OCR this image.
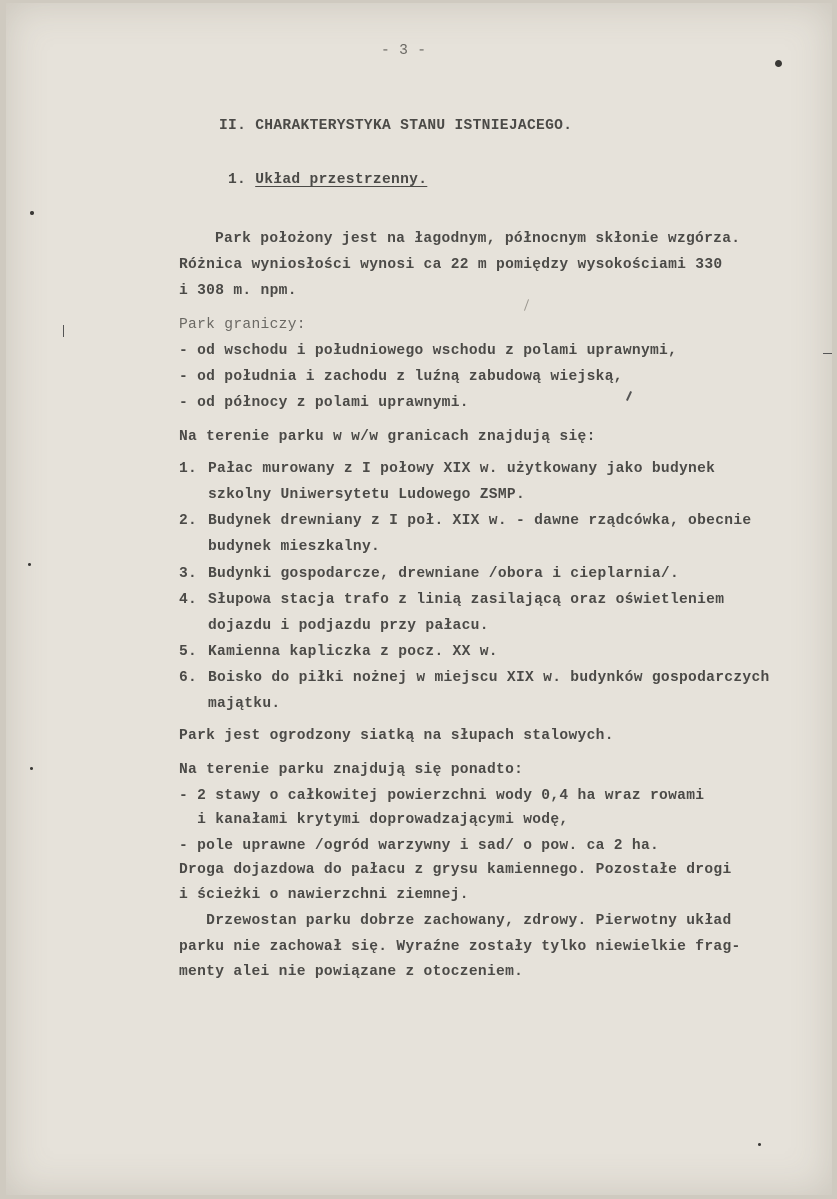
- 3 -
II. CHARAKTERYSTYKA STANU ISTNIEJACEGO.
1. Układ przestrzenny.
Park położony jest na łagodnym, północnym skłonie wzgórza.
Różnica wyniosłości wynosi ca 22 m pomiędzy wysokościami 330
i 308 m. npm.
Park graniczy:
- od wschodu i południowego wschodu z polami uprawnymi,
- od południa i zachodu z luźną zabudową wiejską,
- od północy z polami uprawnymi.
Na terenie parku w w/w granicach znajdują się:
1. Pałac murowany z I połowy XIX w. użytkowany jako budynek
szkolny Uniwersytetu Ludowego ZSMP.
2. Budynek drewniany z I poł. XIX w. - dawne rządcówka, obecnie
budynek mieszkalny.
3. Budynki gospodarcze, drewniane /obora i cieplarnia/.
4. Słupowa stacja trafo z linią zasilającą oraz oświetleniem
dojazdu i podjazdu przy pałacu.
5. Kamienna kapliczka z pocz. XX w.
6. Boisko do piłki nożnej w miejscu XIX w. budynków gospodarczych
majątku.
Park jest ogrodzony siatką na słupach stalowych.
Na terenie parku znajdują się ponadto:
- 2 stawy o całkowitej powierzchni wody 0,4 ha wraz rowami
i kanałami krytymi doprowadzającymi wodę,
- pole uprawne /ogród warzywny i sad/ o pow. ca 2 ha.
Droga dojazdowa do pałacu z grysu kamiennego. Pozostałe drogi
i ścieżki o nawierzchni ziemnej.
Drzewostan parku dobrze zachowany, zdrowy. Pierwotny układ
parku nie zachował się. Wyraźne zostały tylko niewielkie frag-
menty alei nie powiązane z otoczeniem.
